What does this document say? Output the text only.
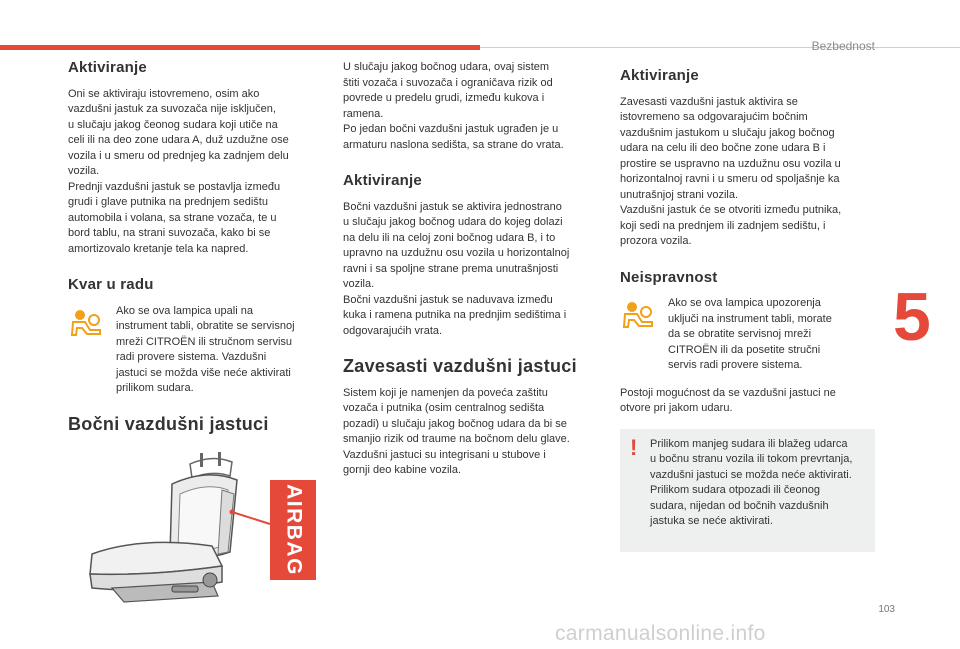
Bezbednost
5
103
carmanualsonline.info
Aktiviranje

Oni se aktiviraju istovremeno, osim ako
vazdušni jastuk za suvozača nije isključen,
u slučaju jakog čeonog sudara koji utiče na
celi ili na deo zone udara A, duž uzdužne ose
vozila i u smeru od prednjeg ka zadnjem delu
vozila.
Prednji vazdušni jastuk se postavlja između
grudi i glave putnika na prednjem sedištu
automobila i volana, sa strane vozača, te u
bord tablu, na strani suvozača, kako bi se
amortizovalo kretanje tela ka napred.

Kvar u radu
Ako se ova lampica upali na
instrument tabli, obratite se servisnoj
mreži CITROËN ili stručnom servisu
radi provere sistema. Vazdušni
jastuci se možda više neće aktivirati
prilikom sudara.
Bočni vazdušni jastuci
AIRBAG

U slučaju jakog bočnog udara, ovaj sistem
štiti vozača i suvozača i ograničava rizik od
povrede u predelu grudi, između kukova i
ramena.
Po jedan bočni vazdušni jastuk ugrađen je u
armaturu naslona sedišta, sa strane do vrata.

Aktiviranje

Bočni vazdušni jastuk se aktivira jednostrano
u slučaju jakog bočnog udara do kojeg dolazi
na delu ili na celoj zoni bočnog udara B, i to
upravno na uzdužnu osu vozila u horizontalnoj
ravni i sa spoljne strane prema unutrašnjosti
vozila.
Bočni vazdušni jastuk se naduvava između
kuka i ramena putnika na prednjim sedištima i
odgovarajućih vrata.

Zavesasti vazdušni jastuci

Sistem koji je namenjen da poveća zaštitu
vozača i putnika (osim centralnog sedišta
pozadi) u slučaju jakog bočnog udara da bi se
smanjio rizik od traume na bočnom delu glave.
Vazdušni jastuci su integrisani u stubove i
gornji deo kabine vozila.

Aktiviranje

Zavesasti vazdušni jastuk aktivira se
istovremeno sa odgovarajućim bočnim
vazdušnim jastukom u slučaju jakog bočnog
udara na celu ili deo bočne zone udara B i
prostire se uspravno na uzdužnu osu vozila u
horizontalnoj ravni i u smeru od spoljašnje ka
unutrašnjoj strani vozila.
Vazdušni jastuk će se otvoriti između putnika,
koji sedi na prednjem ili zadnjem sedištu, i
prozora vozila.

Neispravnost
Ako se ova lampica upozorenja
uključi na instrument tabli, morate
da se obratite servisnoj mreži
CITROËN ili da posetite stručni
servis radi provere sistema.

Postoji mogućnost da se vazdušni jastuci ne
otvore pri jakom udaru.

!	Prilikom manjeg sudara ili blažeg udarca
u bočnu stranu vozila ili tokom prevrtanja,
vazdušni jastuci se možda neće aktivirati.
Prilikom sudara otpozadi ili čeonog
sudara, nijedan od bočnih vazdušnih
jastuka se neće aktivirati.
